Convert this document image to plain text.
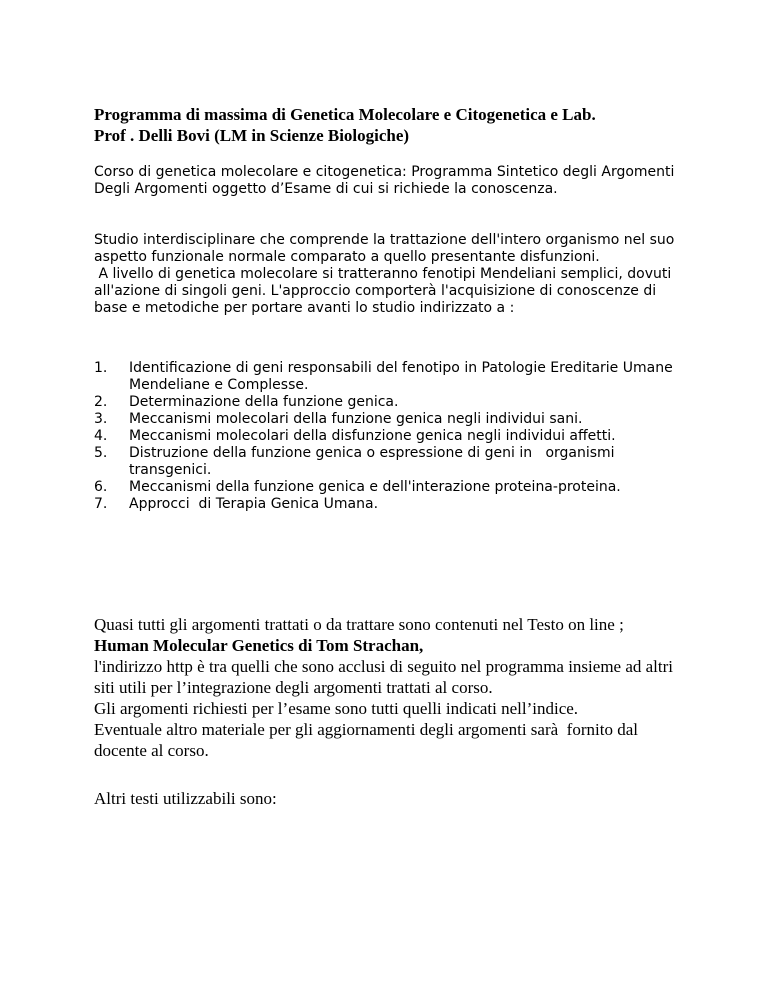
Programma di massima di Genetica Molecolare e Citogenetica e Lab.
Prof . Delli Bovi (LM in Scienze Biologiche)

Corso di genetica molecolare e citogenetica: Programma Sintetico degli Argomenti Degli Argomenti oggetto d’Esame di cui si richiede la conoscenza.

Studio interdisciplinare che comprende la trattazione dell'intero organismo nel suo aspetto funzionale normale comparato a quello presentante disfunzioni.

A livello di genetica molecolare si tratteranno fenotipi Mendeliani semplici, dovuti all'azione di singoli geni. L'approccio comporterà l'acquisizione di conoscenze di base e metodiche per portare avanti lo studio indirizzato a :

1. Identificazione di geni responsabili del fenotipo in Patologie Ereditarie Umane Mendeliane e Complesse.
2. Determinazione della funzione genica.
3. Meccanismi molecolari della funzione genica negli individui sani.
4. Meccanismi molecolari della disfunzione genica negli individui affetti.
5. Distruzione della funzione genica o espressione di geni in   organismi transgenici.
6. Meccanismi della funzione genica e dell'interazione proteina-proteina.
7. Approcci  di Terapia Genica Umana.

Quasi tutti gli argomenti trattati o da trattare sono contenuti nel Testo on line ;

Human Molecular Genetics di Tom Strachan,

l'indirizzo http è tra quelli che sono acclusi di seguito nel programma insieme ad altri siti utili per l’integrazione degli argomenti trattati al corso.

Gli argomenti richiesti per l’esame sono tutti quelli indicati nell’indice.

Eventuale altro materiale per gli aggiornamenti degli argomenti sarà  fornito dal docente al corso.

Altri testi utilizzabili sono:
